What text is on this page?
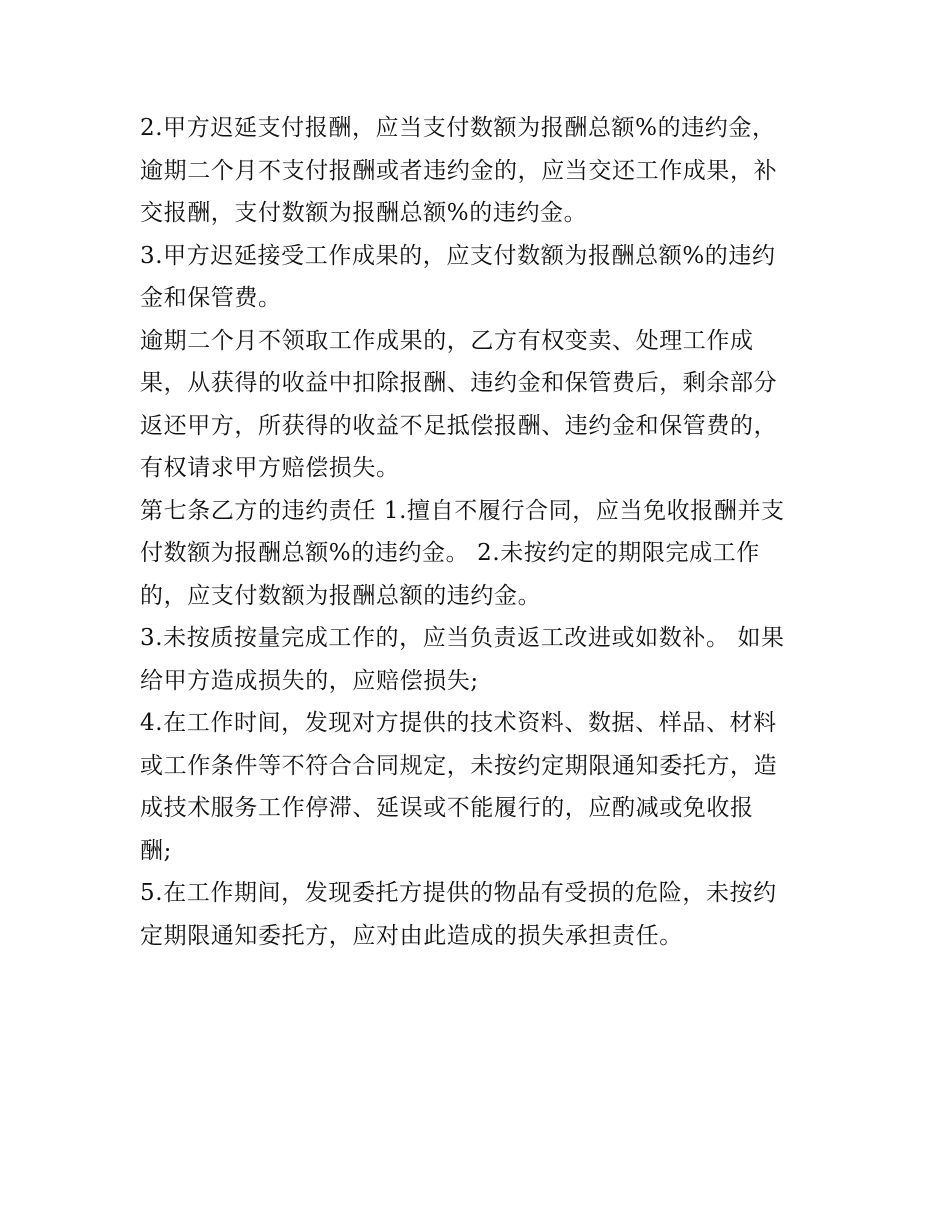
2.甲方迟延支付报酬，应当支付数额为报酬总额%的违约金，
逾期二个月不支付报酬或者违约金的，应当交还工作成果，补
交报酬，支付数额为报酬总额%的违约金。

3.甲方迟延接受工作成果的，应支付数额为报酬总额%的违约
金和保管费。

逾期二个月不领取工作成果的，乙方有权变卖、处理工作成
果，从获得的收益中扣除报酬、违约金和保管费后，剩余部分
返还甲方，所获得的收益不足抵偿报酬、违约金和保管费的，
有权请求甲方赔偿损失。

第七条乙方的违约责任 1.擅自不履行合同，应当免收报酬并支
付数额为报酬总额%的违约金。 2.未按约定的期限完成工作
的，应支付数额为报酬总额的违约金。

3.未按质按量完成工作的，应当负责返工改进或如数补。 如果
给甲方造成损失的，应赔偿损失;

4.在工作时间，发现对方提供的技术资料、数据、样品、材料
或工作条件等不符合合同规定，未按约定期限通知委托方，造
成技术服务工作停滞、延误或不能履行的，应酌减或免收报
酬;

5.在工作期间，发现委托方提供的物品有受损的危险，未按约
定期限通知委托方，应对由此造成的损失承担责任。
